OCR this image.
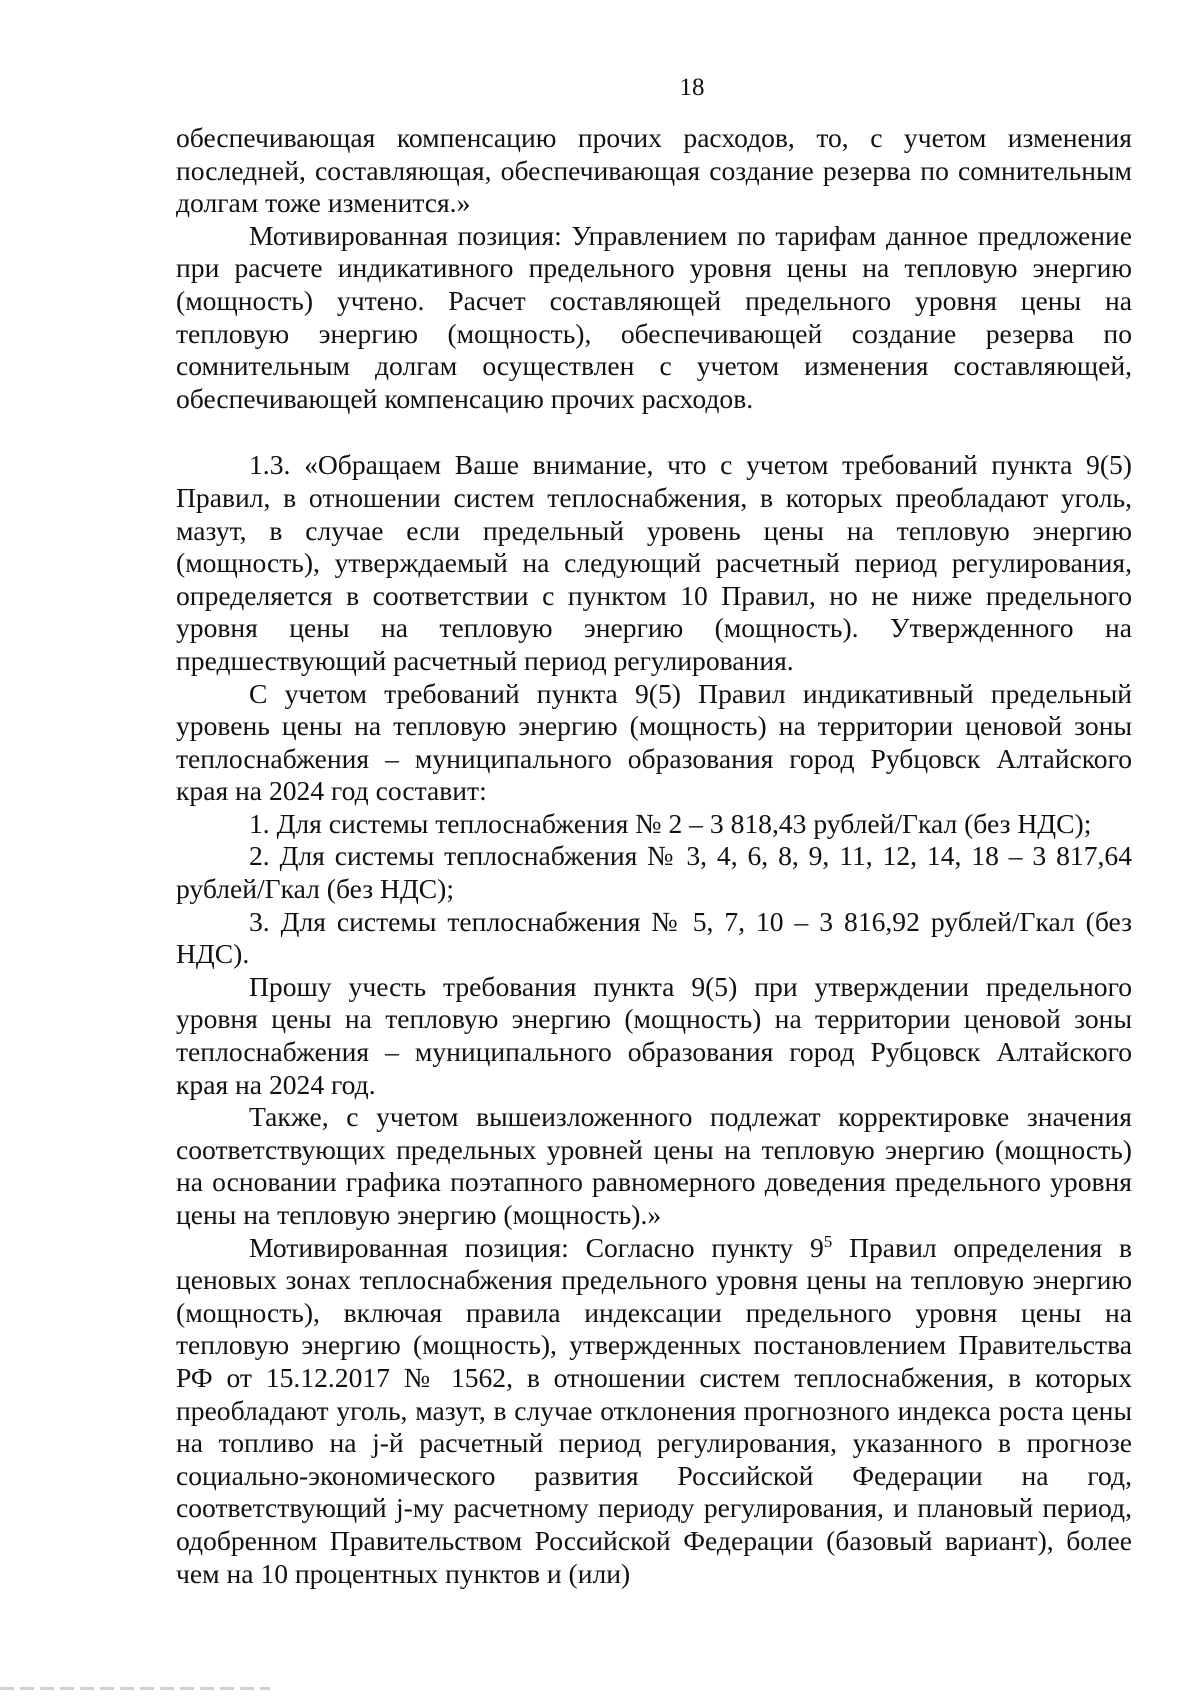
18

обеспечивающая компенсацию прочих расходов, то, с учетом изменения последней, составляющая, обеспечивающая создание резерва по сомнительным долгам тоже изменится.»

Мотивированная позиция: Управлением по тарифам данное предложение при расчете индикативного предельного уровня цены на тепловую энергию (мощность) учтено. Расчет составляющей предельного уровня цены на тепловую энергию (мощность), обеспечивающей создание резерва по сомнительным долгам осуществлен с учетом изменения составляющей, обеспечивающей компенсацию прочих расходов.

1.3. «Обращаем Ваше внимание, что с учетом требований пункта 9(5) Правил, в отношении систем теплоснабжения, в которых преобладают уголь, мазут, в случае если предельный уровень цены на тепловую энергию (мощность), утверждаемый на следующий расчетный период регулирования, определяется в соответствии с пунктом 10 Правил, но не ниже предельного уровня цены на тепловую энергию (мощность). Утвержденного на предшествующий расчетный период регулирования.

С учетом требований пункта 9(5) Правил индикативный предельный уровень цены на тепловую энергию (мощность) на территории ценовой зоны теплоснабжения – муниципального образования город Рубцовск Алтайского края на 2024 год составит:

1. Для системы теплоснабжения № 2 – 3 818,43 рублей/Гкал (без НДС);

2. Для системы теплоснабжения № 3, 4, 6, 8, 9, 11, 12, 14, 18 – 3 817,64 рублей/Гкал (без НДС);

3. Для системы теплоснабжения № 5, 7, 10 – 3 816,92 рублей/Гкал (без НДС).

Прошу учесть требования пункта 9(5) при утверждении предельного уровня цены на тепловую энергию (мощность) на территории ценовой зоны теплоснабжения – муниципального образования город Рубцовск Алтайского края на 2024 год.

Также, с учетом вышеизложенного подлежат корректировке значения соответствующих предельных уровней цены на тепловую энергию (мощность) на основании графика поэтапного равномерного доведения предельного уровня цены на тепловую энергию (мощность).»

Мотивированная позиция: Согласно пункту $9^5$ Правил определения в ценовых зонах теплоснабжения предельного уровня цены на тепловую энергию (мощность), включая правила индексации предельного уровня цены на тепловую энергию (мощность), утвержденных постановлением Правительства РФ от 15.12.2017 № 1562, в отношении систем теплоснабжения, в которых преобладают уголь, мазут, в случае отклонения прогнозного индекса роста цены на топливо на j-й расчетный период регулирования, указанного в прогнозе социально-экономического развития Российской Федерации на год, соответствующий j-му расчетному периоду регулирования, и плановый период, одобренном Правительством Российской Федерации (базовый вариант), более чем на 10 процентных пунктов и (или)
